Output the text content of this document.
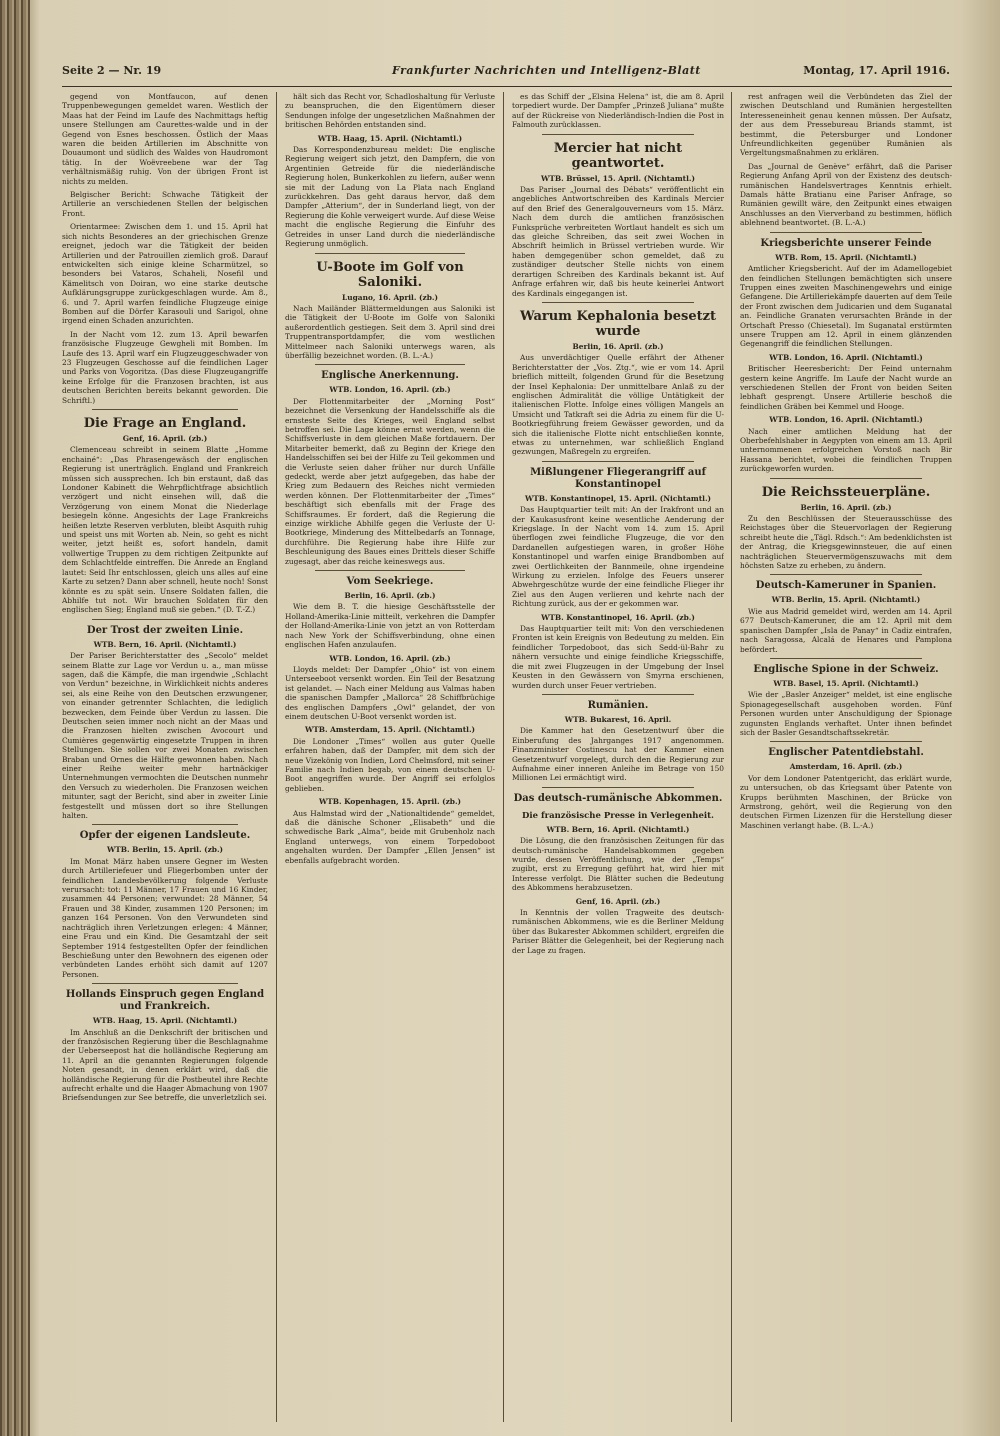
Seite 2 — Nr. 19	Frankfurter Nachrichten und Intelligenz-Blatt	Montag, 17. April 1916.

gegend von Montfaucon, auf denen Truppenbewegungen gemeldet waren. Westlich der Maas hat der Feind im Laufe des Nachmittags heftig unsere Stellungen am Caurettes-walde und in der Gegend von Esnes beschossen. Östlich der Maas waren die beiden Artillerien im Abschnitte von Douaumont und südlich des Waldes von Haudromont tätig. In der Woëvreebene war der Tag verhältnismäßig ruhig. Von der übrigen Front ist nichts zu melden.

Belgischer Bericht: Schwache Tätigkeit der Artillerie an verschiedenen Stellen der belgischen Front.

Orientarmee: Zwischen dem 1. und 15. April hat sich nichts Besonderes an der griechischen Grenze ereignet, jedoch war die Tätigkeit der beiden Artillerien und der Patrouillen ziemlich groß. Darauf entwickelten sich einige kleine Scharmützel, so besonders bei Vataros, Schaheli, Nosefil und Kämelitsch von Doiran, wo eine starke deutsche Aufklärungsgruppe zurückgeschlagen wurde. Am 8., 6. und 7. April warfen feindliche Flugzeuge einige Bomben auf die Dörfer Karasouli und Sarigol, ohne irgend einen Schaden anzurichten.

In der Nacht vom 12. zum 13. April bewarfen französische Flugzeuge Gewgheli mit Bomben. Im Laufe des 13. April warf ein Flugzeuggeschwader von 23 Flugzeugen Geschosse auf die feindlichen Lager und Parks von Vogoritza. (Das diese Flugzeugangriffe keine Erfolge für die Franzosen brachten, ist aus deutschen Berichten bereits bekannt geworden. Die Schriftl.)

Die Frage an England.
Genf, 16. April. (zb.)

Clemenceau schreibt in seinem Blatte „Homme enchainé“: „Das Phrasengewäsch der englischen Regierung ist unerträglich. England und Frankreich müssen sich aussprechen. Ich bin erstaunt, daß das Londoner Kabinett die Wehrpflichtfrage absichtlich verzögert und nicht einsehen will, daß die Verzögerung von einem Monat die Niederlage besiegeln könne. Angesichts der Lage Frankreichs heißen letzte Reserven verbluten, bleibt Asquith ruhig und speist uns mit Worten ab. Nein, so geht es nicht weiter, jetzt heißt es, sofort handeln, damit vollwertige Truppen zu dem richtigen Zeitpunkte auf dem Schlachtfelde eintreffen. Die Anrede an England lautet: Seid Ihr entschlossen, gleich uns alles auf eine Karte zu setzen? Dann aber schnell, heute noch! Sonst könnte es zu spät sein. Unsere Soldaten fallen, die Abhilfe tut not. Wir brauchen Soldaten für den englischen Sieg; England muß sie geben.“ (D. T.-Z.)

Der Trost der zweiten Linie.
WTB. Bern, 16. April. (Nichtamtl.)

Der Pariser Berichterstatter des „Secolo“ meldet seinem Blatte zur Lage vor Verdun u. a., man müsse sagen, daß die Kämpfe, die man irgendwie „Schlacht von Verdun“ bezeichne, in Wirklichkeit nichts anderes sei, als eine Reihe von den Deutschen erzwungener, von einander getrennter Schlachten, die lediglich bezwecken, dem Feinde über Verdun zu lassen. Die Deutschen seien immer noch nicht an der Maas und die Franzosen hielten zwischen Avocourt und Cumières gegenwärtig eingesetzte Truppen in ihren Stellungen. Sie sollen vor zwei Monaten zwischen Braban und Ornes die Hälfte gewonnen haben. Nach einer Reihe weiter mehr hartnäckiger Unternehmungen vermochten die Deutschen nunmehr den Versuch zu wiederholen. Die Franzosen weichen mitunter, sagt der Bericht, sind aber in zweiter Linie festgestellt und müssen dort so ihre Stellungen halten.

Opfer der eigenen Landsleute.
WTB. Berlin, 15. April. (zb.)

Im Monat März haben unsere Gegner im Westen durch Artilleriefeuer und Fliegerbomben unter der feindlichen Landesbevölkerung folgende Verluste verursacht: tot: 11 Männer, 17 Frauen und 16 Kinder, zusammen 44 Personen; verwundet: 28 Männer, 54 Frauen und 38 Kinder, zusammen 120 Personen; im ganzen 164 Personen. Von den Verwundeten sind nachträglich ihren Verletzungen erlegen: 4 Männer, eine Frau und ein Kind. Die Gesamtzahl der seit September 1914 festgestellten Opfer der feindlichen Beschießung unter den Bewohnern des eigenen oder verbündeten Landes erhöht sich damit auf 1207 Personen.

Hollands Einspruch gegen England und Frankreich.
WTB. Haag, 15. April. (Nichtamtl.)

Im Anschluß an die Denkschrift der britischen und der französischen Regierung über die Beschlagnahme der Ueberseepost hat die holländische Regierung am 11. April an die genannten Regierungen folgende Noten gesandt, in denen erklärt wird, daß die holländische Regierung für die Postbeutel ihre Rechte aufrecht erhalte und die Haager Abmachung von 1907 Briefsendungen zur See betreffe, die unverletzlich sei.

hält sich das Recht vor, Schadloshaltung für Verluste zu beanspruchen, die den Eigentümern dieser Sendungen infolge der ungesetzlichen Maßnahmen der britischen Behörden entstanden sind.

WTB. Haag, 15. April. (Nichtamtl.)

Das Korrespondenzbureau meldet: Die englische Regierung weigert sich jetzt, den Dampfern, die von Argentinien Getreide für die niederländische Regierung holen, Bunkerkohlen zu liefern, außer wenn sie mit der Ladung von La Plata nach England zurückkehren. Das geht daraus hervor, daß dem Dampfer „Atterium“, der in Sunderland liegt, von der Regierung die Kohle verweigert wurde. Auf diese Weise macht die englische Regierung die Einfuhr des Getreides in unser Land durch die niederländische Regierung unmöglich.

U-Boote im Golf von Saloniki.
Lugano, 16. April. (zb.)

Nach Mailänder Blättermeldungen aus Saloniki ist die Tätigkeit der U-Boote im Golfe von Saloniki außerordentlich gestiegen. Seit dem 3. April sind drei Truppentransportdampfer, die vom westlichen Mittelmeer nach Saloniki unterwegs waren, als überfällig bezeichnet worden. (B. L.-A.)

Englische Anerkennung.
WTB. London, 16. April. (zb.)

Der Flottenmitarbeiter der „Morning Post“ bezeichnet die Versenkung der Handelsschiffe als die ernsteste Seite des Krieges, weil England selbst betroffen sei. Die Lage könne ernst werden, wenn die Schiffsverluste in dem gleichen Maße fortdauern. Der Mitarbeiter bemerkt, daß zu Beginn der Kriege den Handelsschiffen sei bei der Hilfe zu Teil gekommen und die Verluste seien daher früher nur durch Unfälle gedeckt, werde aber jetzt aufgegeben, das habe der Krieg zum Bedauern des Reiches nicht vermieden werden können. Der Flottenmitarbeiter der „Times“ beschäftigt sich ebenfalls mit der Frage des Schiffsraumes. Er fordert, daß die Regierung die einzige wirkliche Abhilfe gegen die Verluste der U-Bootkriege, Minderung des Mittelbedarfs an Tonnage, durchführe. Die Regierung habe ihre Hilfe zur Beschleunigung des Baues eines Drittels dieser Schiffe zugesagt, aber das reiche keineswegs aus.

Vom Seekriege.
Berlin, 16. April. (zb.)

Wie dem B. T. die hiesige Geschäftsstelle der Holland-Amerika-Linie mitteilt, verkehren die Dampfer der Holland-Amerika-Linie von jetzt an von Rotterdam nach New York der Schiffsverbindung, ohne einen englischen Hafen anzulaufen.

WTB. London, 16. April. (zb.)

Lloyds meldet: Der Dampfer „Ohio“ ist von einem Unterseeboot versenkt worden. Ein Teil der Besatzung ist gelandet. — Nach einer Meldung aus Valmas haben die spanischen Dampfer „Mallorca“ 28 Schiffbrüchige des englischen Dampfers „Owl“ gelandet, der von einem deutschen U-Boot versenkt worden ist.

WTB. Amsterdam, 15. April. (Nichtamtl.)

Die Londoner „Times“ wollen aus guter Quelle erfahren haben, daß der Dampfer, mit dem sich der neue Vizekönig von Indien, Lord Chelmsford, mit seiner Familie nach Indien begab, von einem deutschen U-Boot angegriffen wurde. Der Angriff sei erfolglos geblieben.

WTB. Kopenhagen, 15. April. (zb.)

Aus Halmstad wird der „Nationaltidende“ gemeldet, daß die dänische Schoner „Elisabeth“ und die schwedische Bark „Alma“, beide mit Grubenholz nach England unterwegs, von einem Torpedoboot angehalten wurden. Der Dampfer „Ellen Jensen“ ist ebenfalls aufgebracht worden.

es das Schiff der „Elsina Helena“ ist, die am 8. April torpediert wurde. Der Dampfer „Prinzeß Juliana“ mußte auf der Rückreise von Niederländisch-Indien die Post in Falmouth zurücklassen.

Mercier hat nicht geantwortet.
WTB. Brüssel, 15. April. (Nichtamtl.)

Das Pariser „Journal des Débats“ veröffentlicht ein angebliches Antwortschreiben des Kardinals Mercier auf den Brief des Generalgouverneurs vom 15. März. Nach dem durch die amtlichen französischen Funksprüche verbreiteten Wortlaut handelt es sich um das gleiche Schreiben, das seit zwei Wochen in Abschrift heimlich in Brüssel vertrieben wurde. Wir haben demgegenüber schon gemeldet, daß zu zuständiger deutscher Stelle nichts von einem derartigen Schreiben des Kardinals bekannt ist. Auf Anfrage erfahren wir, daß bis heute keinerlei Antwort des Kardinals eingegangen ist.

Warum Kephalonia besetzt wurde
Berlin, 16. April. (zb.)

Aus unverdächtiger Quelle erfährt der Athener Berichterstatter der „Vos. Ztg.“, wie er vom 14. April brieflich mitteilt, folgenden Grund für die Besetzung der Insel Kephalonia: Der unmittelbare Anlaß zu der englischen Admiralität die völlige Untätigkeit der italienischen Flotte. Infolge eines völligen Mangels an Umsicht und Tatkraft sei die Adria zu einem für die U-Bootkriegführung freiem Gewässer geworden, und da sich die italienische Flotte nicht entschließen konnte, etwas zu unternehmen, war schließlich England gezwungen, Maßregeln zu ergreifen.

Mißlungener Fliegerangriff auf Konstantinopel
WTB. Konstantinopel, 15. April. (Nichtamtl.)

Das Hauptquartier teilt mit: An der Irakfront und an der Kaukasusfront keine wesentliche Aenderung der Kriegslage. In der Nacht vom 14. zum 15. April überflogen zwei feindliche Flugzeuge, die vor den Dardanellen aufgestiegen waren, in großer Höhe Konstantinopel und warfen einige Brandbomben auf zwei Oertlichkeiten der Bannmeile, ohne irgendeine Wirkung zu erzielen. Infolge des Feuers unserer Abwehrgeschütze wurde der eine feindliche Flieger ihr Ziel aus den Augen verlieren und kehrte nach der Richtung zurück, aus der er gekommen war.

WTB. Konstantinopel, 16. April. (zb.)

Das Hauptquartier teilt mit: Von den verschiedenen Fronten ist kein Ereignis von Bedeutung zu melden. Ein feindlicher Torpedoboot, das sich Sedd-ül-Bahr zu nähern versuchte und einige feindliche Kriegsschiffe, die mit zwei Flugzeugen in der Umgebung der Insel Keusten in den Gewässern von Smyrna erschienen, wurden durch unser Feuer vertrieben.

Rumänien.
WTB. Bukarest, 16. April.

Die Kammer hat den Gesetzentwurf über die Einberufung des Jahrganges 1917 angenommen. Finanzminister Costinescu hat der Kammer einen Gesetzentwurf vorgelegt, durch den die Regierung zur Aufnahme einer inneren Anleihe im Betrage von 150 Millionen Lei ermächtigt wird.

Das deutsch-rumänische Abkommen.
Die französische Presse in Verlegenheit.
WTB. Bern, 16. April. (Nichtamtl.)

Die Lösung, die den französischen Zeitungen für das deutsch-rumänische Handelsabkommen gegeben wurde, dessen Veröffentlichung, wie der „Temps“ zugibt, erst zu Erregung geführt hat, wird hier mit Interesse verfolgt. Die Blätter suchen die Bedeutung des Abkommens herabzusetzen.

Genf, 16. April. (zb.)

In Kenntnis der vollen Tragweite des deutsch-rumänischen Abkommens, wie es die Berliner Meldung über das Bukarester Abkommen schildert, ergreifen die Pariser Blätter die Gelegenheit, bei der Regierung nach der Lage zu fragen.

rest anfragen weil die Verbündeten das Ziel der zwischen Deutschland und Rumänien hergestellten Interesseneinheit genau kennen müssen. Der Aufsatz, der aus dem Pressebureau Briands stammt, ist bestimmt, die Petersburger und Londoner Unfreundlichkeiten gegenüber Rumänien als Vergeltungsmaßnahmen zu erklären.

Das „Journal de Genève“ erfährt, daß die Pariser Regierung Anfang April von der Existenz des deutsch-rumänischen Handelsvertrages Kenntnis erhielt. Damals hätte Bratianu eine Pariser Anfrage, so Rumänien gewillt wäre, den Zeitpunkt eines etwaigen Anschlusses an den Vierverband zu bestimmen, höflich ablehnend beantwortet. (B. L.-A.)

Kriegsberichte unserer Feinde
WTB. Rom, 15. April. (Nichtamtl.)

Amtlicher Kriegsbericht. Auf der im Adamellogebiet den feindlichen Stellungen bemächtigten sich unsere Truppen eines zweiten Maschinengewehrs und einige Gefangene. Die Artilleriekämpfe dauerten auf dem Teile der Front zwischen dem Judicarien und dem Suganatal an. Feindliche Granaten verursachten Brände in der Ortschaft Presso (Chiesetal). Im Suganatal erstürmten unsere Truppen am 12. April in einem glänzenden Gegenangriff die feindlichen Stellungen.

WTB. London, 16. April. (Nichtamtl.)

Britischer Heeresbericht: Der Feind unternahm gestern keine Angriffe. Im Laufe der Nacht wurde an verschiedenen Stellen der Front von beiden Seiten lebhaft gesprengt. Unsere Artillerie beschoß die feindlichen Gräben bei Kemmel und Hooge.

WTB. London, 16. April. (Nichtamtl.)

Nach einer amtlichen Meldung hat der Oberbefehlshaber in Aegypten von einem am 13. April unternommenen erfolgreichen Vorstoß nach Bir Hassana berichtet, wobei die feindlichen Truppen zurückgeworfen wurden.

Die Reichssteuerpläne.
Berlin, 16. April. (zb.)

Zu den Beschlüssen der Steuerausschüsse des Reichstages über die Steuervorlagen der Regierung schreibt heute die „Tägl. Rdsch.“: Am bedenklichsten ist der Antrag, die Kriegsgewinnsteuer, die auf einen nachträglichen Steuervermögenszuwachs mit dem höchsten Satze zu erheben, zu ändern.

Deutsch-Kameruner in Spanien.
WTB. Berlin, 15. April. (Nichtamtl.)

Wie aus Madrid gemeldet wird, werden am 14. April 677 Deutsch-Kameruner, die am 12. April mit dem spanischen Dampfer „Isla de Panay“ in Cadiz eintrafen, nach Saragossa, Alcalá de Henares und Pamplona befördert.

Englische Spione in der Schweiz.
WTB. Basel, 15. April. (Nichtamtl.)

Wie der „Basler Anzeiger“ meldet, ist eine englische Spionagegesellschaft ausgehoben worden. Fünf Personen wurden unter Anschuldigung der Spionage zugunsten Englands verhaftet. Unter ihnen befindet sich der Basler Gesandtschaftssekretär.

Englischer Patentdiebstahl.
Amsterdam, 16. April. (zb.)

Vor dem Londoner Patentgericht, das erklärt wurde, zu untersuchen, ob das Kriegsamt über Patente von Krupps berühmten Maschinen, der Brücke von Armstrong, gehört, weil die Regierung von den deutschen Firmen Lizenzen für die Herstellung dieser Maschinen verlangt habe. (B. L.-A.)
